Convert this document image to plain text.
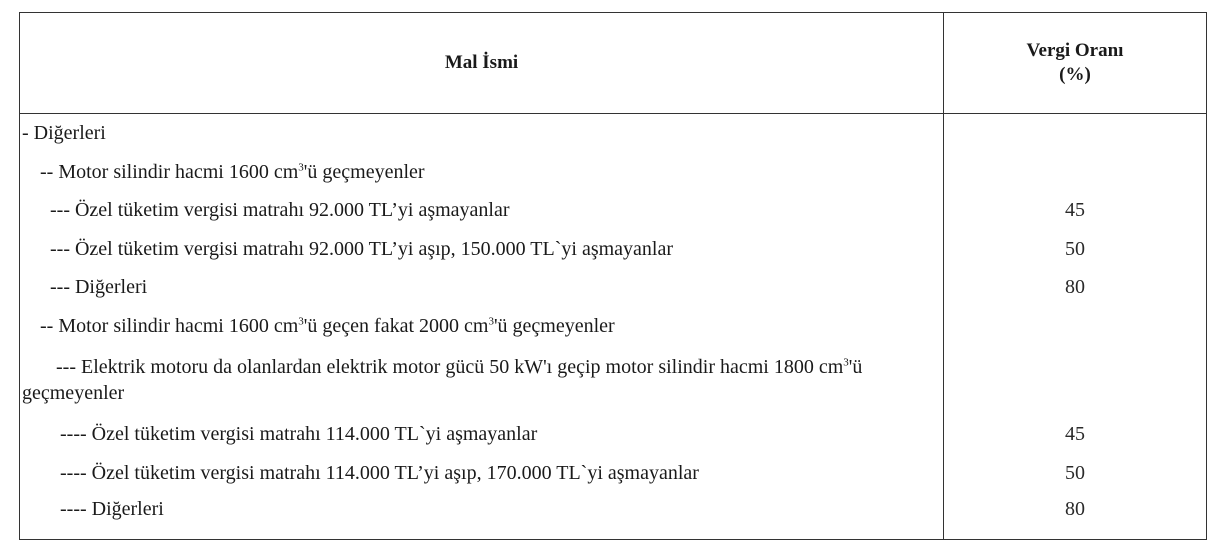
Mal İsmi	Vergi Oranı
(%)
- Diğerleri	
-- Motor silindir hacmi 1600 $cm^3'ü$ geçmeyenler	
--- Özel tüketim vergisi matrahı 92.000 TL’yi aşmayanlar	45
--- Özel tüketim vergisi matrahı 92.000 TL’yi aşıp, 150.000 TL`yi aşmayanlar	50
--- Diğerleri	80
-- Motor silindir hacmi 1600 $cm^3'ü$ geçen fakat 2000 $cm^3'ü$ geçmeyenler	

--- Elektrik motoru da olanlardan elektrik motor gücü 50 kW'ı geçip motor silindir hacmi 1800 $cm^3'ü$ geçmeyenler	

---- Özel tüketim vergisi matrahı 114.000 TL`yi aşmayanlar	45
---- Özel tüketim vergisi matrahı 114.000 TL’yi aşıp, 170.000 TL`yi aşmayanlar	50
---- Diğerleri	80
